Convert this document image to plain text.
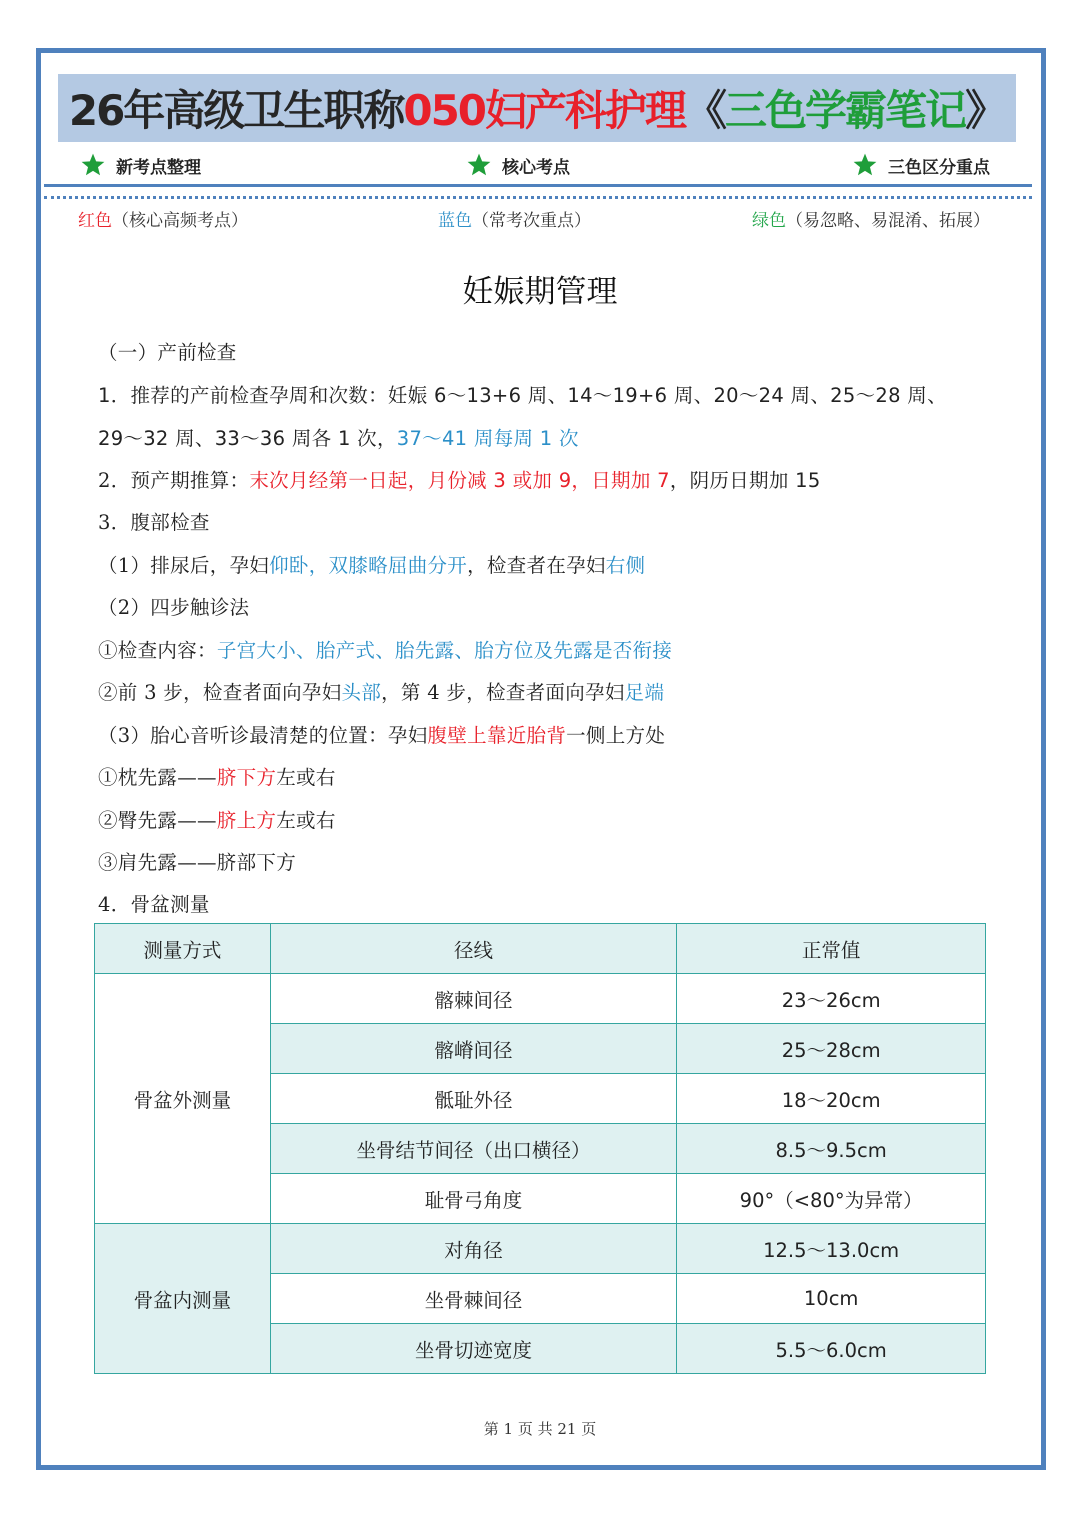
26年高级卫生职称 050妇产科护理 《 三色学霸笔记 》
新考点整理	核心考点	三色区分重点
红色（核心高频考点）	蓝色（常考次重点）	绿色（易忽略、易混淆、拓展）
妊娠期管理
（一）产前检查
1．推荐的产前检查孕周和次数：妊娠 6～13+6 周、14～19+6 周、20～24 周、25～28 周、
29～32 周、33～36 周各 1 次，37～41 周每周 1 次
2．预产期推算：末次月经第一日起，月份减 3 或加 9，日期加 7，阴历日期加 15
3．腹部检查
（1）排尿后，孕妇仰卧，双膝略屈曲分开，检查者在孕妇右侧
（2）四步触诊法
①检查内容：子宫大小、胎产式、胎先露、胎方位及先露是否衔接
②前 3 步，检查者面向孕妇头部，第 4 步，检查者面向孕妇足端
（3）胎心音听诊最清楚的位置：孕妇腹壁上靠近胎背一侧上方处
①枕先露——脐下方左或右
②臀先露——脐上方左或右
③肩先露——脐部下方
4．骨盆测量
测量方式	径线	正常值
骨盆外测量	髂棘间径	23～26cm
	髂嵴间径	25～28cm
	骶耻外径	18～20cm
	坐骨结节间径（出口横径）	8.5～9.5cm
	耻骨弓角度	90°（<80°为异常）
骨盆内测量	对角径	12.5～13.0cm
	坐骨棘间径	10cm
	坐骨切迹宽度	5.5～6.0cm
第 1 页 共 21 页
